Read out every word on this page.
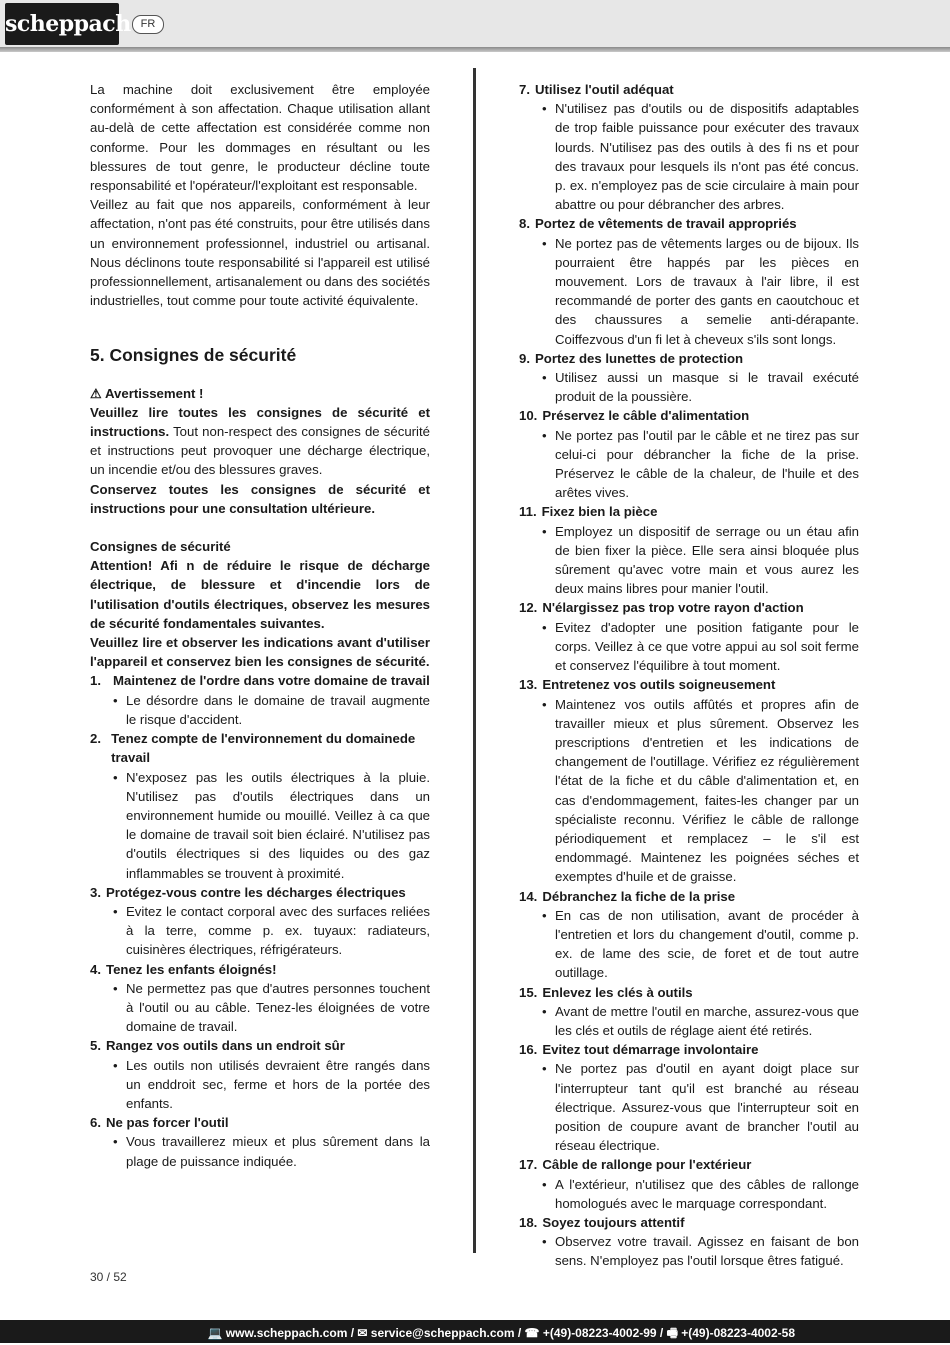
scheppach FR

La machine doit exclusivement être employée conformément à son affectation. Chaque utilisation allant au-delà de cette affectation est considérée comme non conforme. Pour les dommages en résultant ou les blessures de tout genre, le producteur décline toute responsabilité et l'opérateur/l'exploitant est responsable.

Veillez au fait que nos appareils, conformément à leur affectation, n'ont pas été construits, pour être utilisés dans un environnement professionnel, industriel ou artisanal. Nous déclinons toute responsabilité si l'appareil est utilisé professionnellement, artisanalement ou dans des sociétés industrielles, tout comme pour toute activité équivalente.

5. Consignes de sécurité
⚠ Avertissement !

Veuillez lire toutes les consignes de sécurité et instructions. Tout non-respect des consignes de sécurité et instructions peut provoquer une décharge électrique, un incendie et/ou des blessures graves.

Conservez toutes les consignes de sécurité et instructions pour une consultation ultérieure.

Consignes de sécurité

Attention! Afi n de réduire le risque de décharge électrique, de blessure et d'incendie lors de l'utilisation d'outils électriques, observez les mesures de sécurité fondamentales suivantes.

Veuillez lire et observer les indications avant d'utiliser l'appareil et conservez bien les consignes de sécurité.

1. Maintenez de l'ordre dans votre domaine de travail
• Le désordre dans le domaine de travail augmente le risque d'accident.
2. Tenez compte de l'environnement du domainede travail
• N'exposez pas les outils électriques à la pluie. N'utilisez pas d'outils électriques dans un environnement humide ou mouillé. Veillez à ca que le domaine de travail soit bien éclairé. N'utilisez pas d'outils électriques si des liquides ou des gaz inflammables se trouvent à proximité.
3. Protégez-vous contre les décharges électriques
• Evitez le contact corporal avec des surfaces reliées à la terre, comme p. ex. tuyaux: radiateurs, cuisinères électriques, réfrigérateurs.
4. Tenez les enfants éloignés!
• Ne permettez pas que d'autres personnes touchent à l'outil ou au câble. Tenez-les éloignées de votre domaine de travail.
5. Rangez vos outils dans un endroit sûr
• Les outils non utilisés devraient être rangés dans un enddroit sec, ferme et hors de la portée des enfants.
6. Ne pas forcer l'outil
• Vous travaillerez mieux et plus sûrement dans la plage de puissance indiquée.
7. Utilisez l'outil adéquat
• N'utilisez pas d'outils ou de dispositifs adaptables de trop faible puissance pour exécuter des travaux lourds. N'utilisez pas des outils à des fi ns et pour des travaux pour lesquels ils n'ont pas été concus. p. ex. n'employez pas de scie circulaire à main pour abattre ou pour débrancher des arbres.
8. Portez de vêtements de travail appropriés
• Ne portez pas de vêtements larges ou de bijoux. Ils pourraient être happés par les pièces en mouvement. Lors de travaux à l'air libre, il est recommandé de porter des gants en caoutchouc et des chaussures a semelie anti-dérapante. Coiffezvous d'un fi let à cheveux s'ils sont longs.
9. Portez des lunettes de protection
• Utilisez aussi un masque si le travail exécuté produit de la poussière.
10. Préservez le câble d'alimentation
• Ne portez pas l'outil par le câble et ne tirez pas sur celui-ci pour débrancher la fiche de la prise. Préservez le câble de la chaleur, de l'huile et des arêtes vives.
11. Fixez bien la pièce
• Employez un dispositif de serrage ou un étau afin de bien fixer la pièce. Elle sera ainsi bloquée plus sûrement qu'avec votre main et vous aurez les deux mains libres pour manier l'outil.
12. N'élargissez pas trop votre rayon d'action
• Evitez d'adopter une position fatigante pour le corps. Veillez à ce que votre appui au sol soit ferme et conservez l'équilibre à tout moment.
13. Entretenez vos outils soigneusement
• Maintenez vos outils affûtés et propres afin de travailler mieux et plus sûrement. Observez les prescriptions d'entretien et les indications de changement de l'outillage. Vérifiez ez régulièrement l'état de la fiche et du câble d'alimentation et, en cas d'endommagement, faites-les changer par un spécialiste reconnu. Vérifiez le câble de rallonge périodiquement et remplacez – le s'il est endommagé. Maintenez les poignées séches et exemptes d'huile et de graisse.
14. Débranchez la fiche de la prise
• En cas de non utilisation, avant de procéder à l'entretien et lors du changement d'outil, comme p. ex. de lame des scie, de foret et de tout autre outillage.
15. Enlevez les clés à outils
• Avant de mettre l'outil en marche, assurez-vous que les clés et outils de réglage aient été retirés.
16. Evitez tout démarrage involontaire
• Ne portez pas d'outil en ayant doigt place sur l'interrupteur tant qu'il est branché au réseau électrique. Assurez-vous que l'interrupteur soit en position de coupure avant de brancher l'outil au réseau électrique.
17. Câble de rallonge pour l'extérieur
• A l'extérieur, n'utilisez que des câbles de rallonge homologués avec le marquage correspondant.
18. Soyez toujours attentif
• Observez votre travail. Agissez en faisant de bon sens. N'employez pas l'outil lorsque êtres fatigué.
30 / 52
💻 www.scheppach.com / ✉ service@scheppach.com / ☎ +(49)-08223-4002-99 / 🖷 +(49)-08223-4002-58
